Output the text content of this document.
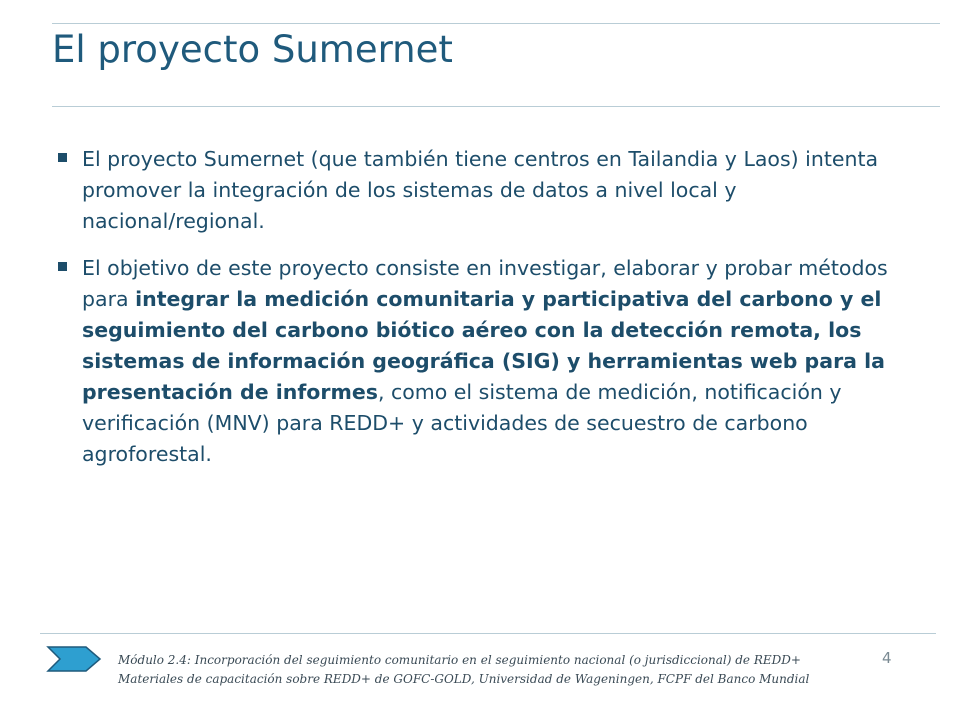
El proyecto Sumernet
El proyecto Sumernet (que también tiene centros en Tailandia y Laos) intenta promover la integración de los sistemas de datos a nivel local y nacional/regional.
El objetivo de este proyecto consiste en investigar, elaborar y probar métodos para integrar la medición comunitaria y participativa del carbono y el seguimiento del carbono biótico aéreo con la detección remota, los sistemas de información geográfica (SIG) y herramientas web para la presentación de informes, como el sistema de medición, notificación y verificación (MNV) para REDD+ y actividades de secuestro de carbono agroforestal.
Módulo 2.4: Incorporación del seguimiento comunitario en el seguimiento nacional (o jurisdiccional) de REDD+
Materiales de capacitación sobre REDD+ de GOFC-GOLD, Universidad de Wageningen, FCPF del Banco Mundial
4
